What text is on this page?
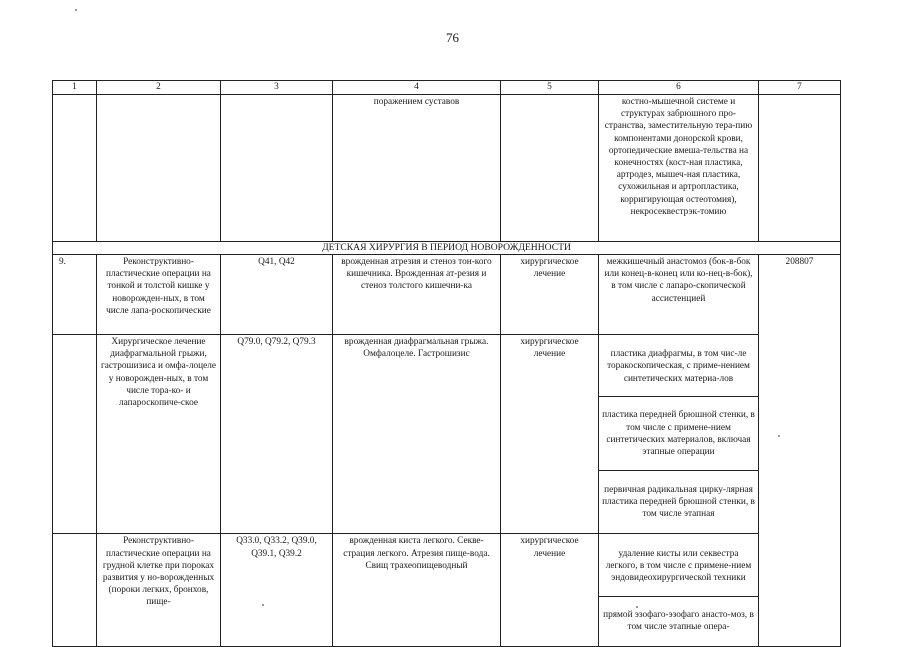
76
1	2	3	4	5	6	7
			поражением суставов		костно-мышечной системе и структурах забрюшного про-странства, заместительную тера-пию компонентами донорской крови, ортопедические вмеша-тельства на конечностях (кост-ная пластика, артродез, мышеч-ная пластика, сухожильная и артропластика, корригирующая остеотомия), некросеквестрэк-томию	
ДЕТСКАЯ ХИРУРГИЯ В ПЕРИОД НОВОРОЖДЕННОСТИ						
9.	Реконструктивно-пластические операции на тонкой и толстой кишке у новорожден-ных, в том числе лапа-роскопические	Q41, Q42	врожденная атрезия и стеноз тон-кого кишечника. Врожденная ат-резия и стеноз толстого кишечни-ка	хирургическое лечение	межкишечный анастомоз (бок-в-бок или конец-в-конец или ко-нец-в-бок), в том числе с лапаро-скопической ассистенцией	208807
	Хирургическое лечение диафрагмальной грыжи, гастрошизиса и омфа-лоцеле у новорожден-ных, в том числе тора-ко- и лапароскопиче-ское	Q79.0, Q79.2, Q79.3	врожденная диафрагмальная грыжа. Омфалоцеле. Гастрошизис	хирургическое лечение	пластика диафрагмы, в том чис-ле торакоскопическая, с приме-нением синтетических материа-лов

пластика передней брюшной стенки, в том числе с примене-нием синтетических материалов, включая этапные операции

первичная радикальная цирку-лярная пластика передней брюшной стенки, в том числе этапная	

	Реконструктивно-пластические операции на грудной клетке при пороках развития у но-ворожденных (пороки легких, бронхов, пище-	Q33.0, Q33.2, Q39.0, Q39.1, Q39.2	врожденная киста легкого. Секве-страция легкого. Атрезия пище-вода. Свищ трахеопищеводный	хирургическое лечение	удаление кисты или секвестра легкого, в том числе с примене-нием эндовидеохирургической техники

прямой эзофаго-эзофаго анасто-моз, в том числе этапные опера-	
